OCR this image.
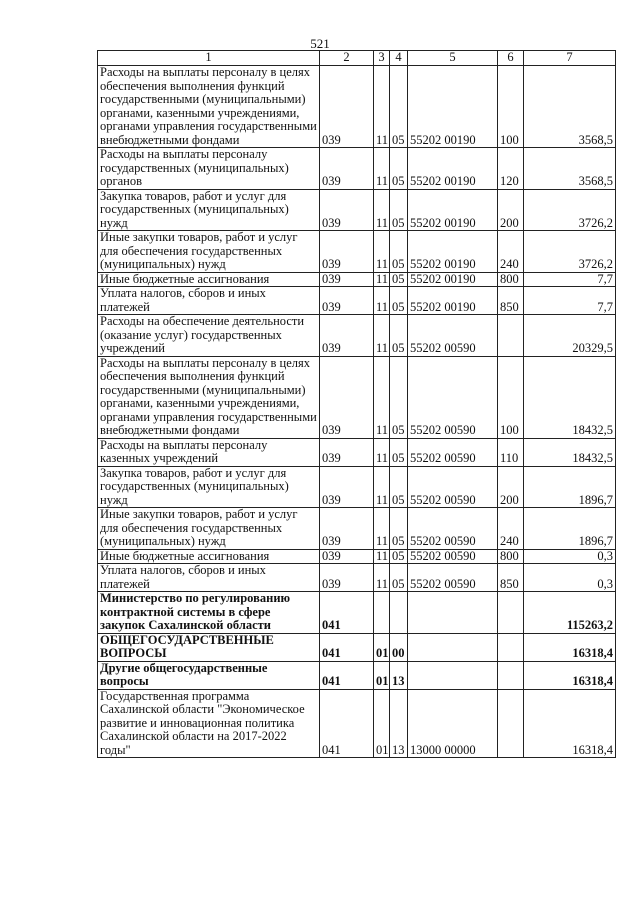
521
1	2	3	4	5	6	7
Расходы на выплаты персоналу в целях обеспечения выполнения функций государственными (муниципальными) органами, казенными учреждениями, органами управления государственными внебюджетными фондами	039	11	05	55202 00190	100	3568,5
Расходы на выплаты персоналу государственных (муниципальных) органов	039	11	05	55202 00190	120	3568,5
Закупка товаров, работ и услуг для государственных (муниципальных) нужд	039	11	05	55202 00190	200	3726,2
Иные закупки товаров, работ и услуг для обеспечения государственных (муниципальных) нужд	039	11	05	55202 00190	240	3726,2
Иные бюджетные ассигнования	039	11	05	55202 00190	800	7,7
Уплата налогов, сборов и иных платежей	039	11	05	55202 00190	850	7,7
Расходы на обеспечение деятельности (оказание услуг) государственных учреждений	039	11	05	55202 00590		20329,5
Расходы на выплаты персоналу в целях обеспечения выполнения функций государственными (муниципальными) органами, казенными учреждениями, органами управления государственными внебюджетными фондами	039	11	05	55202 00590	100	18432,5
Расходы на выплаты персоналу казенных учреждений	039	11	05	55202 00590	110	18432,5
Закупка товаров, работ и услуг для государственных (муниципальных) нужд	039	11	05	55202 00590	200	1896,7
Иные закупки товаров, работ и услуг для обеспечения государственных (муниципальных) нужд	039	11	05	55202 00590	240	1896,7
Иные бюджетные ассигнования	039	11	05	55202 00590	800	0,3
Уплата налогов, сборов и иных платежей	039	11	05	55202 00590	850	0,3
Министерство по регулированию контрактной системы в сфере закупок Сахалинской области	041					115263,2
ОБЩЕГОСУДАРСТВЕННЫЕ ВОПРОСЫ	041	01	00			16318,4
Другие общегосударственные вопросы	041	01	13			16318,4
Государственная программа Сахалинской области "Экономическое развитие и инновационная политика Сахалинской области на 2017-2022 годы"	041	01	13	13000 00000		16318,4
